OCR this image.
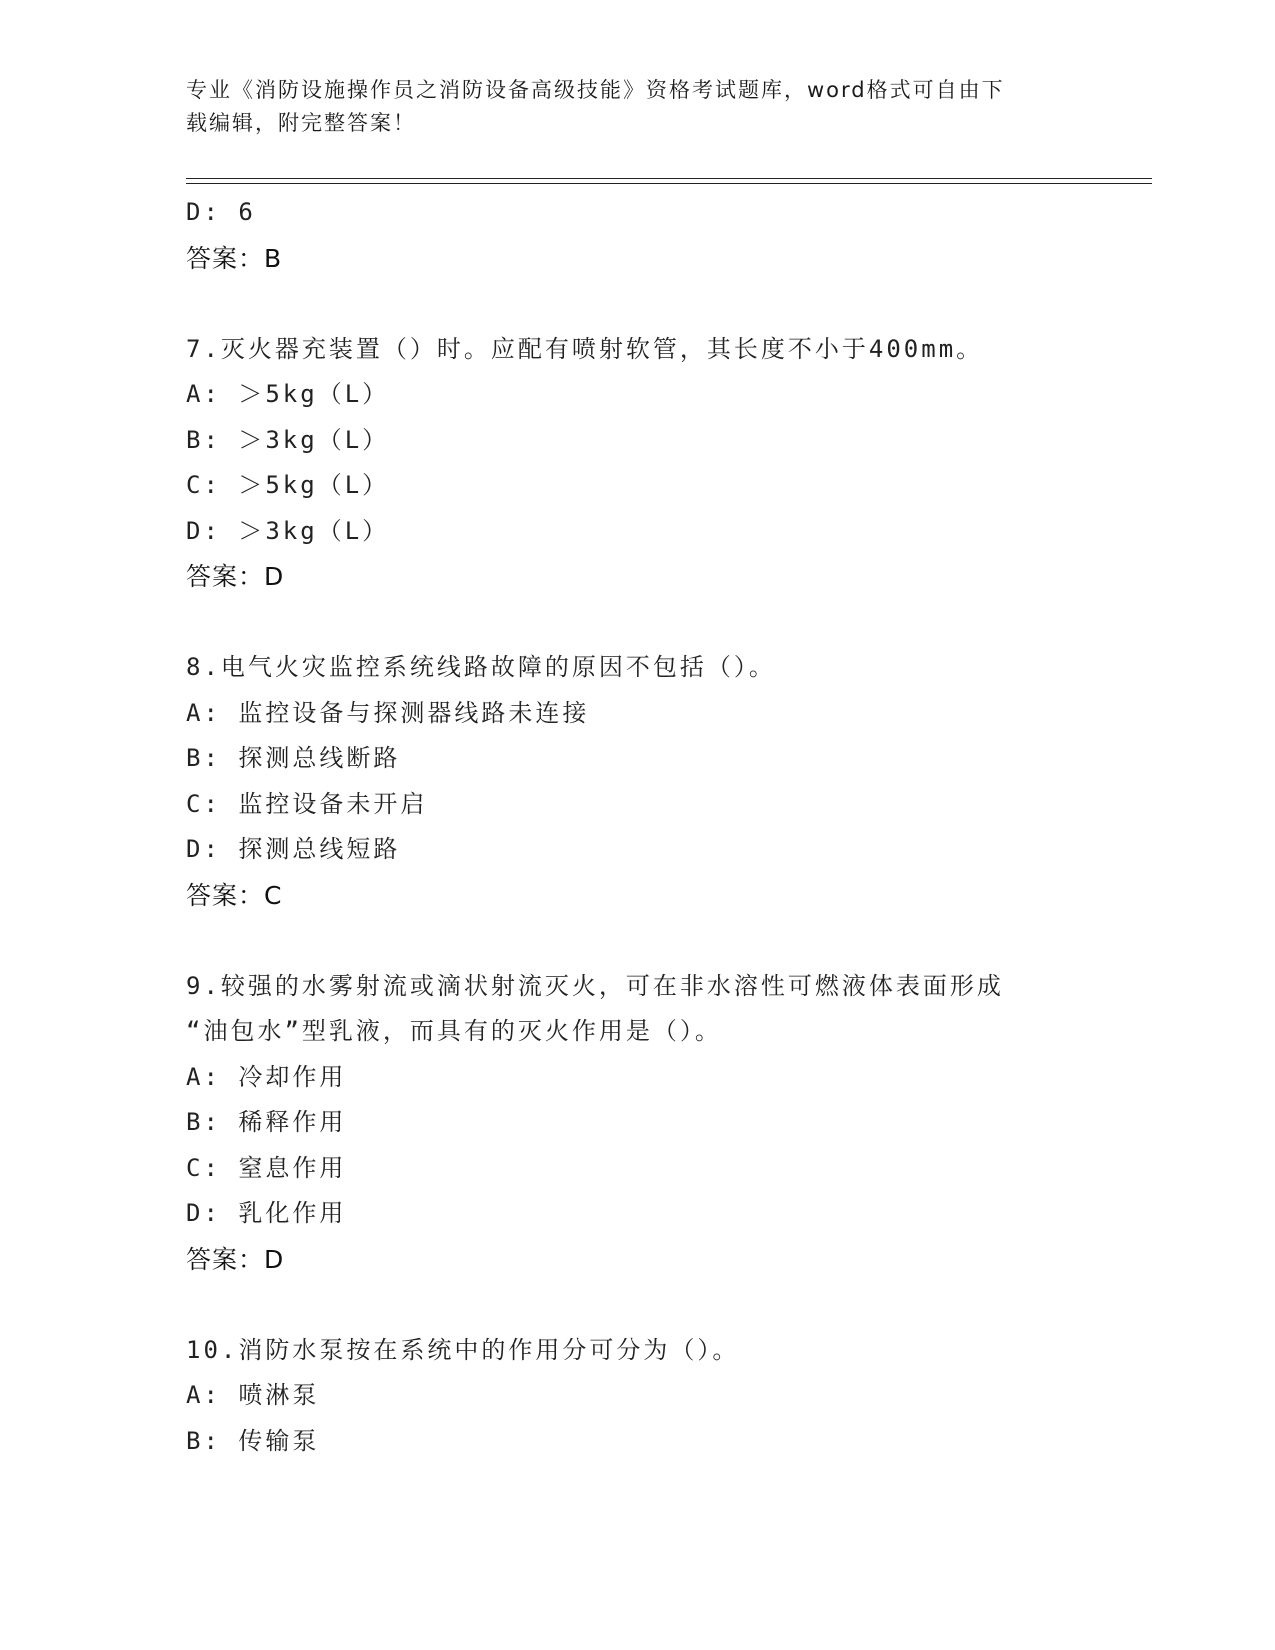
专业《消防设施操作员之消防设备高级技能》资格考试题库，word格式可自由下
载编辑，附完整答案！
D: 6
答案：B
7.灭火器充装置（）时。应配有喷射软管，其长度不小于400mm。
A: ＞5kg（L）
B: ＞3kg（L）
C: ＞5kg（L）
D: ＞3kg（L）
答案：D
8.电气火灾监控系统线路故障的原因不包括（）。
A: 监控设备与探测器线路未连接
B: 探测总线断路
C: 监控设备未开启
D: 探测总线短路
答案：C
9.较强的水雾射流或滴状射流灭火，可在非水溶性可燃液体表面形成
“油包水”型乳液，而具有的灭火作用是（）。
A: 冷却作用
B: 稀释作用
C: 窒息作用
D: 乳化作用
答案：D
10.消防水泵按在系统中的作用分可分为（）。
A: 喷淋泵
B: 传输泵
